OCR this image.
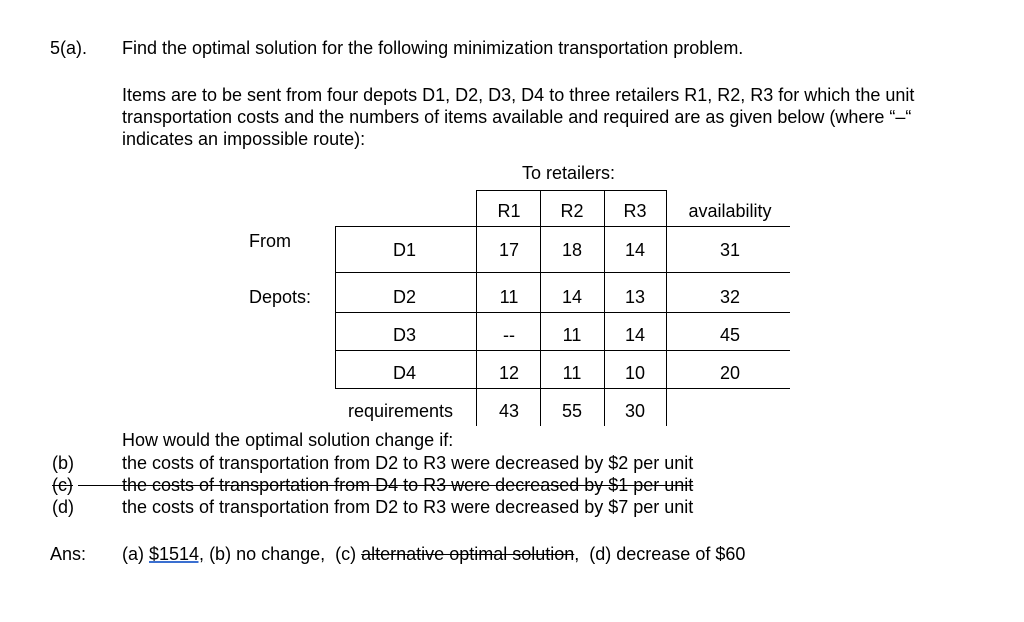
5(a). Find the optimal solution for the following minimization transportation problem.
Items are to be sent from four depots D1, D2, D3, D4 to three retailers R1, R2, R3 for which the unit
transportation costs and the numbers of items available and required are as given below (where “–“
indicates an impossible route):
To retailers:
R1	R2	R3	availability
From
Depots:
D1	17	18	14	31
D2	11	14	13	32
D3	--	11	14	45
D4	12	11	10	20
requirements	43	55	30
How would the optimal solution change if:
(b)	the costs of transportation from D2 to R3 were decreased by $2 per unit
(c)	the costs of transportation from D4 to R3 were decreased by $1 per unit
(d)	the costs of transportation from D2 to R3 were decreased by $7 per unit
Ans: (a) $1514, (b) no change,  (c) alternative optimal solution,  (d) decrease of $60
